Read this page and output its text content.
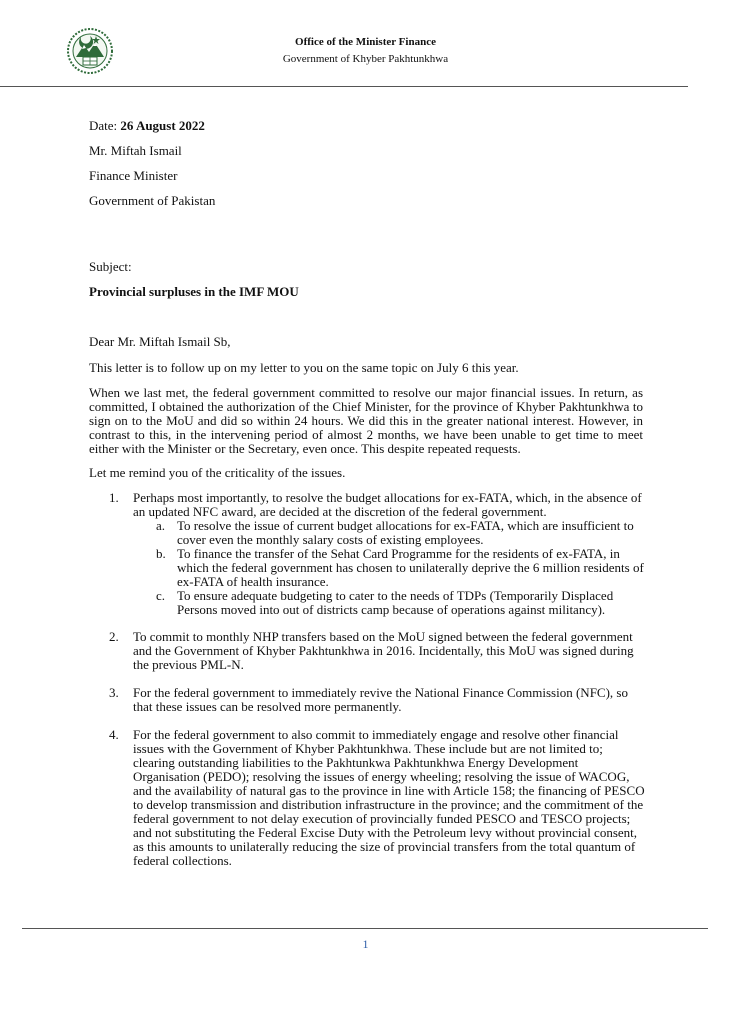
Office of the Minister Finance
Government of Khyber Pakhtunkhwa
Date: 26 August 2022
Mr. Miftah Ismail
Finance Minister
Government of Pakistan
Subject:
Provincial surpluses in the IMF MOU
Dear Mr. Miftah Ismail Sb,
This letter is to follow up on my letter to you on the same topic on July 6 this year.
When we last met, the federal government committed to resolve our major financial issues. In return, as committed, I obtained the authorization of the Chief Minister, for the province of Khyber Pakhtunkhwa to sign on to the MoU and did so within 24 hours. We did this in the greater national interest. However, in contrast to this, in the intervening period of almost 2 months, we have been unable to get time to meet either with the Minister or the Secretary, even once. This despite repeated requests.
Let me remind you of the criticality of the issues.
1. Perhaps most importantly, to resolve the budget allocations for ex-FATA, which, in the absence of an updated NFC award, are decided at the discretion of the federal government.
a. To resolve the issue of current budget allocations for ex-FATA, which are insufficient to cover even the monthly salary costs of existing employees.
b. To finance the transfer of the Sehat Card Programme for the residents of ex-FATA, in which the federal government has chosen to unilaterally deprive the 6 million residents of ex-FATA of health insurance.
c. To ensure adequate budgeting to cater to the needs of TDPs (Temporarily Displaced Persons moved into out of districts camp because of operations against militancy).
2. To commit to monthly NHP transfers based on the MoU signed between the federal government and the Government of Khyber Pakhtunkhwa in 2016. Incidentally, this MoU was signed during the previous PML-N.
3. For the federal government to immediately revive the National Finance Commission (NFC), so that these issues can be resolved more permanently.
4. For the federal government to also commit to immediately engage and resolve other financial issues with the Government of Khyber Pakhtunkhwa. These include but are not limited to; clearing outstanding liabilities to the Pakhtunkwa Pakhtunkhwa Energy Development Organisation (PEDO); resolving the issues of energy wheeling; resolving the issue of WACOG, and the availability of natural gas to the province in line with Article 158; the financing of PESCO to develop transmission and distribution infrastructure in the province; and the commitment of the federal government to not delay execution of provincially funded PESCO and TESCO projects; and not substituting the Federal Excise Duty with the Petroleum levy without provincial consent, as this amounts to unilaterally reducing the size of provincial transfers from the total quantum of federal collections.
1
